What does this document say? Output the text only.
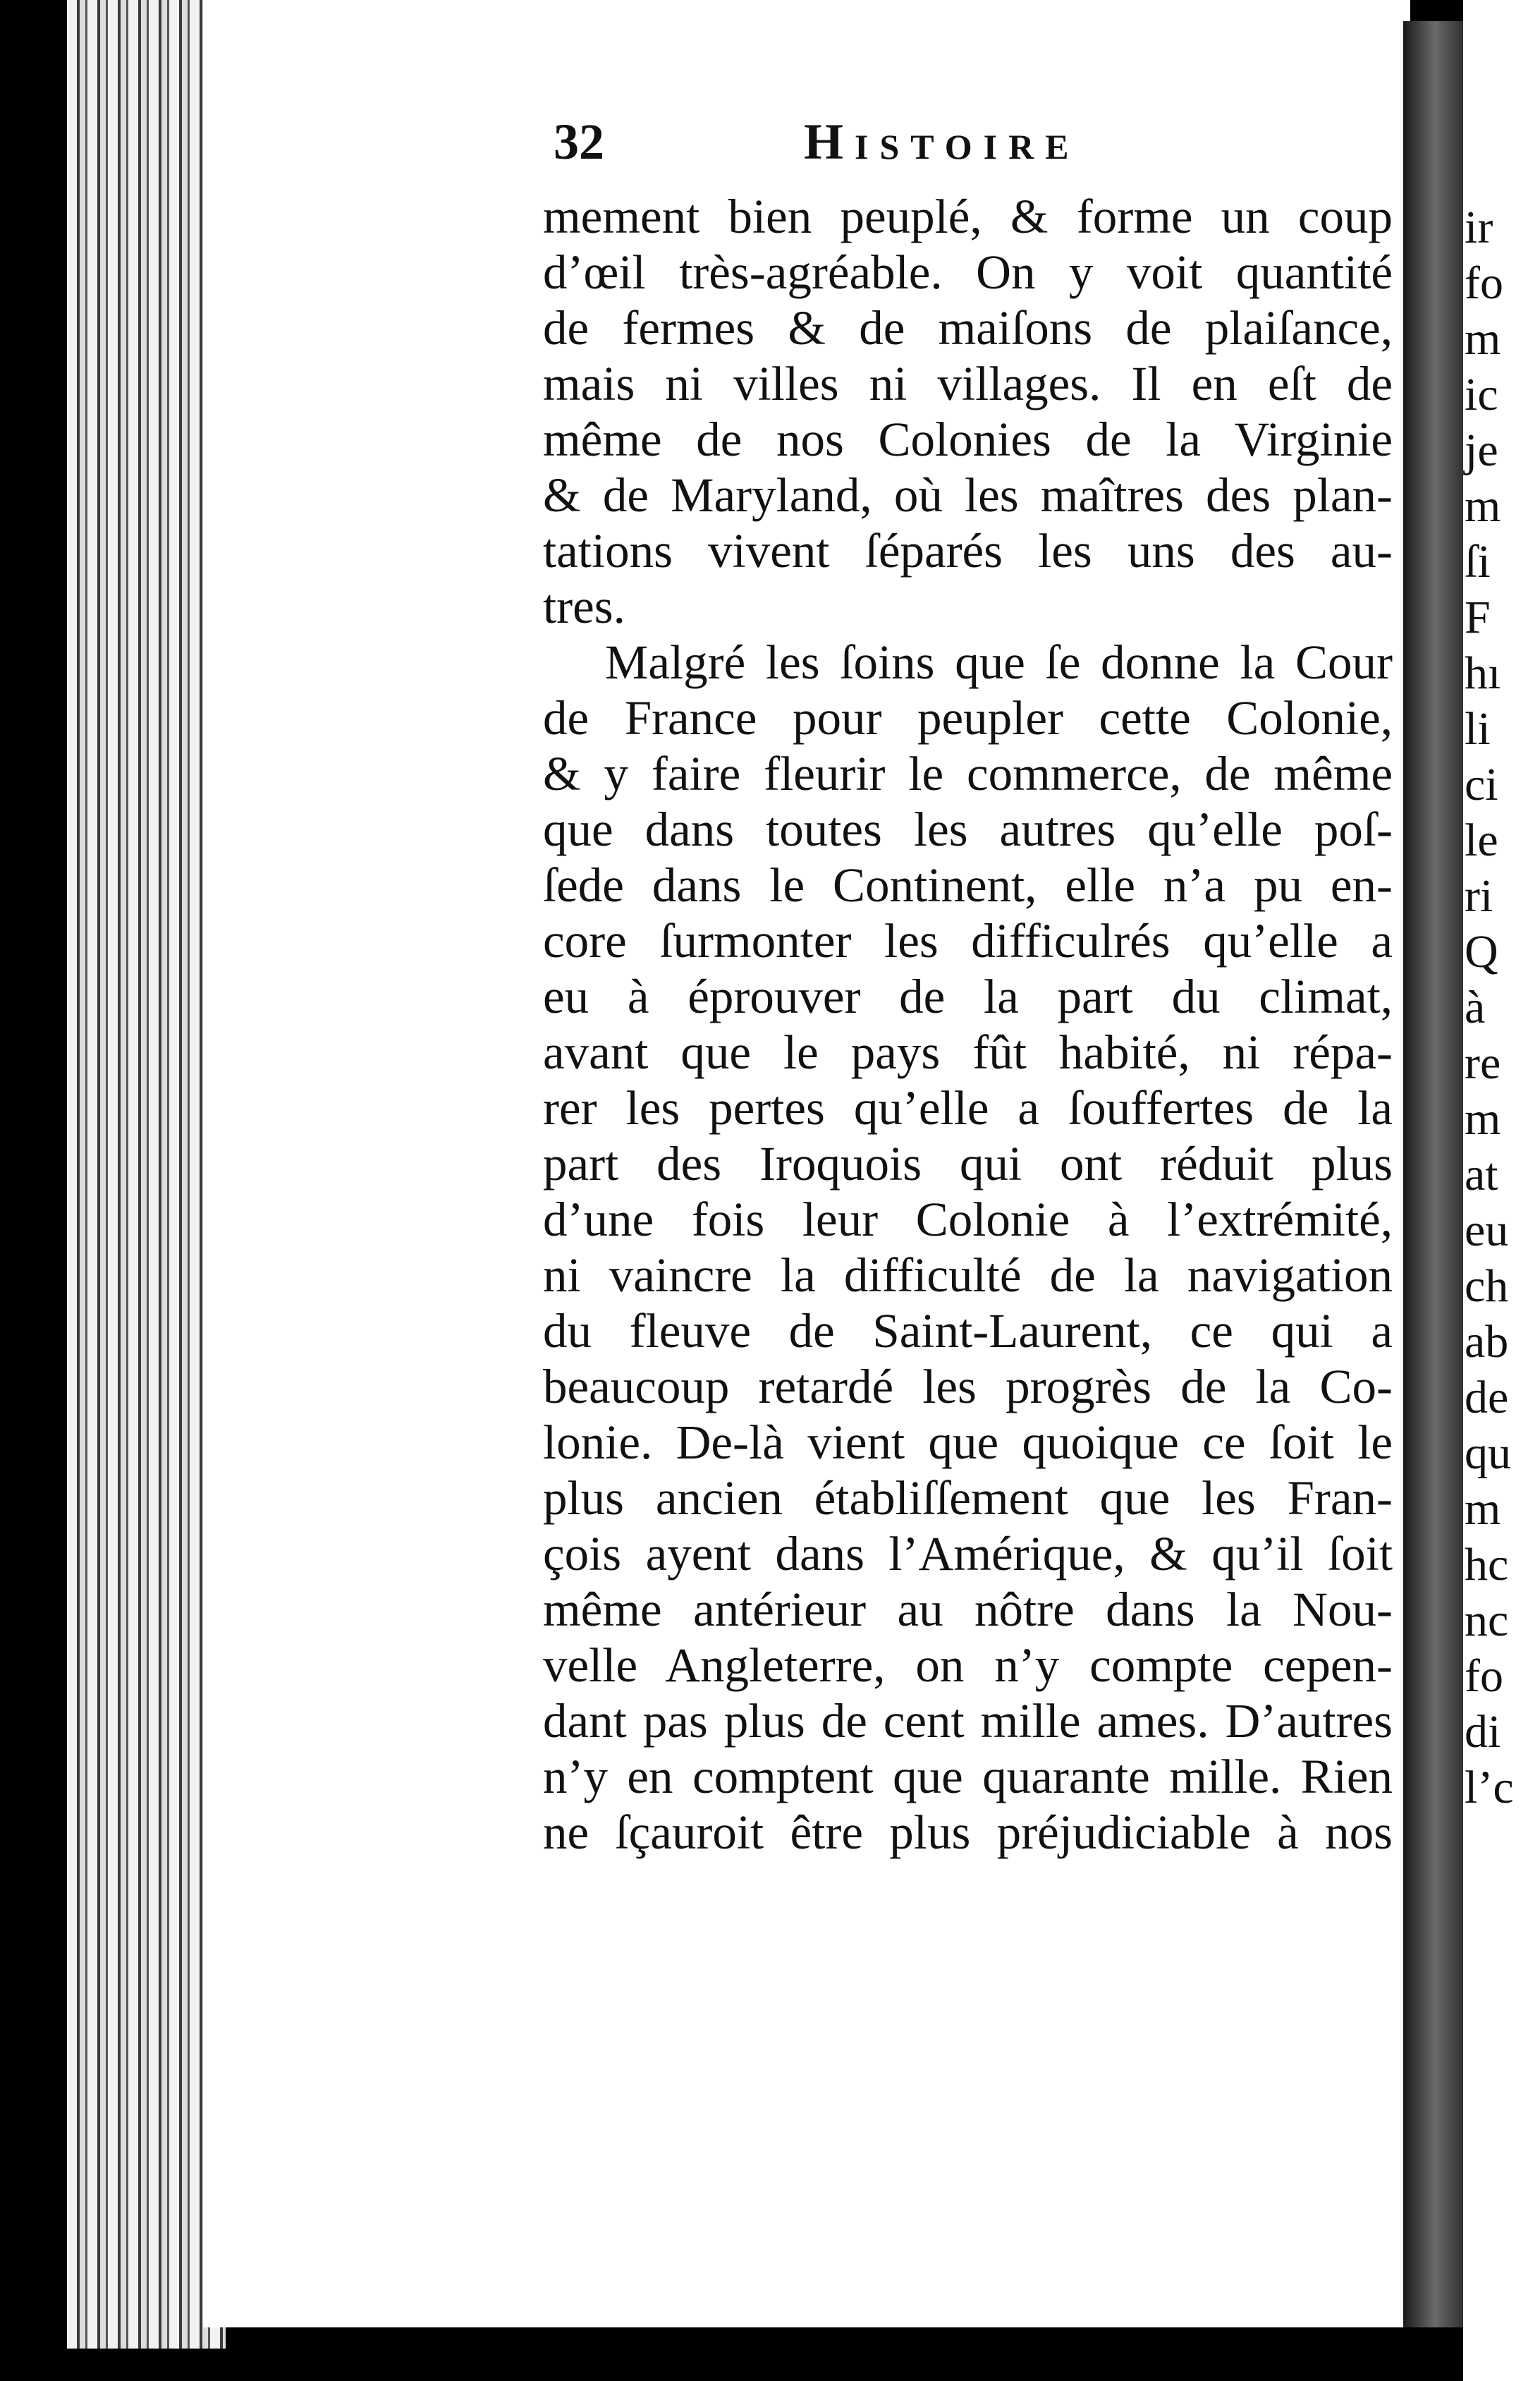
ir
fo
m
ic
je
m
ſi
F
hı
li
ci
le
ri
Q
à
re
m
at
eu
ch
ab
de
qu
m
hc
nc
fo
di
l’c
32	Histoire
mement bien peuplé, & forme un coup
d’œil très-agréable. On y voit quantité
de fermes & de maiſons de plaiſance,
mais ni villes ni villages. Il en eſt de
même de nos Colonies de la Virginie
& de Maryland, où les maîtres des plan-
tations vivent ſéparés les uns des au-
tres.
Malgré les ſoins que ſe donne la Cour
de France pour peupler cette Colonie,
& y faire fleurir le commerce, de même
que dans toutes les autres qu’elle poſ-
ſede dans le Continent, elle n’a pu en-
core ſurmonter les difficulrés qu’elle a
eu à éprouver de la part du climat,
avant que le pays fût habité, ni répa-
rer les pertes qu’elle a ſouffertes de la
part des Iroquois qui ont réduit plus
d’une fois leur Colonie à l’extrémité,
ni vaincre la difficulté de la navigation
du fleuve de Saint-Laurent, ce qui a
beaucoup retardé les progrès de la Co-
lonie. De-là vient que quoique ce ſoit le
plus ancien établiſſement que les Fran-
çois ayent dans l’Amérique, & qu’il ſoit
même antérieur au nôtre dans la Nou-
velle Angleterre, on n’y compte cepen-
dant pas plus de cent mille ames. D’autres
n’y en comptent que quarante mille. Rien
ne ſçauroit être plus préjudiciable à nos
